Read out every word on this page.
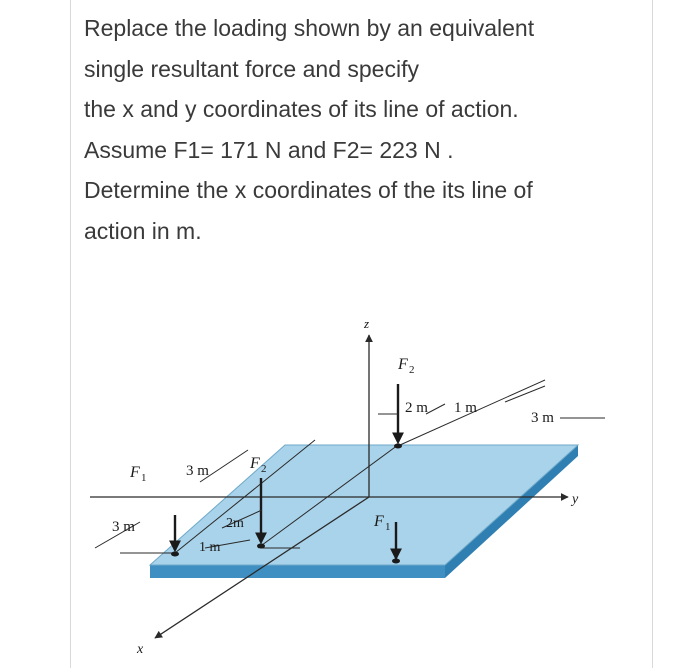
Replace the loading shown by an equivalent
single resultant force and specify
the x and y coordinates of its line of action.
Assume F1= 171 N and F2= 223 N .
Determine the x coordinates of the its line of
action in m.

y
z
x
F 1
F 2
F 2
F 1
3 m
3 m	2m
1 m
2 m 1 m
3 m
